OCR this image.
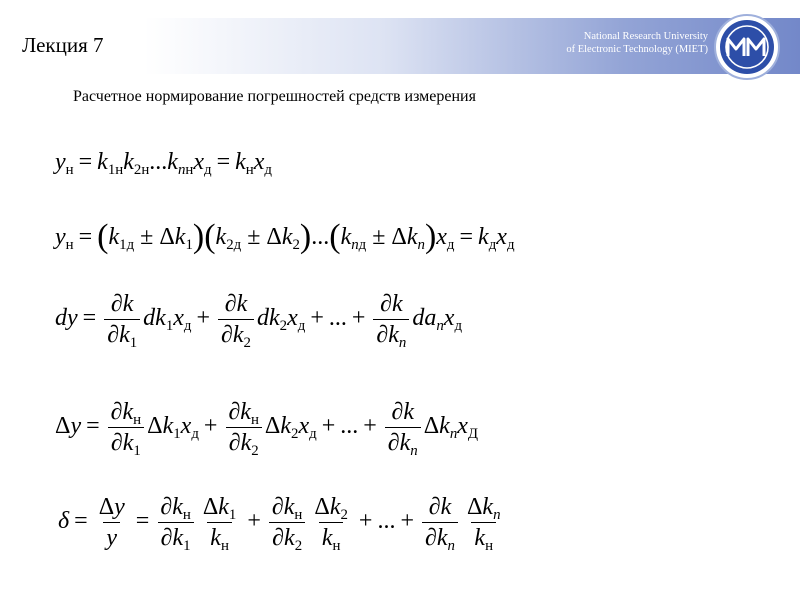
Лекция 7	National Research University
of Electronic Technology (MIET)
Расчетное нормирование погрешностей средств измерения
$y_н = k_{1н}k_{2н}...k_{nн}x_д = k_нx_д$
$y_н = (k_{1д} \pm \Delta k_1)(k_{2д} \pm \Delta k_2)...(k_{nд} \pm \Delta k_n)x_д = k_дx_д$
dy = $\frac{\partial k}{\partial k_1} dk_1x_д + \frac{\partial k}{\partial k_2} dk_2x_д$ + ... + $\frac{\partial k}{\partial k_n} da_nx_д$
$\Delta y = \frac{\partial k_н}{\partial k_1} \Delta k_1x_д + \frac{\partial k_н}{\partial k_2} \Delta k_2x_д$ + ... + $\frac{\partial k}{\partial k_n} \Delta k_nx_Д$
$\delta = \frac{\Delta y}{y} = \frac{\partial k_н}{\partial k_1} \frac{\Delta k_1}{k_н} + \frac{\partial k_н}{\partial k_2} \frac{\Delta k_2}{k_н}$ + ... + $\frac{\partial k}{\partial k_n} \frac{\Delta k_n}{k_н}$
